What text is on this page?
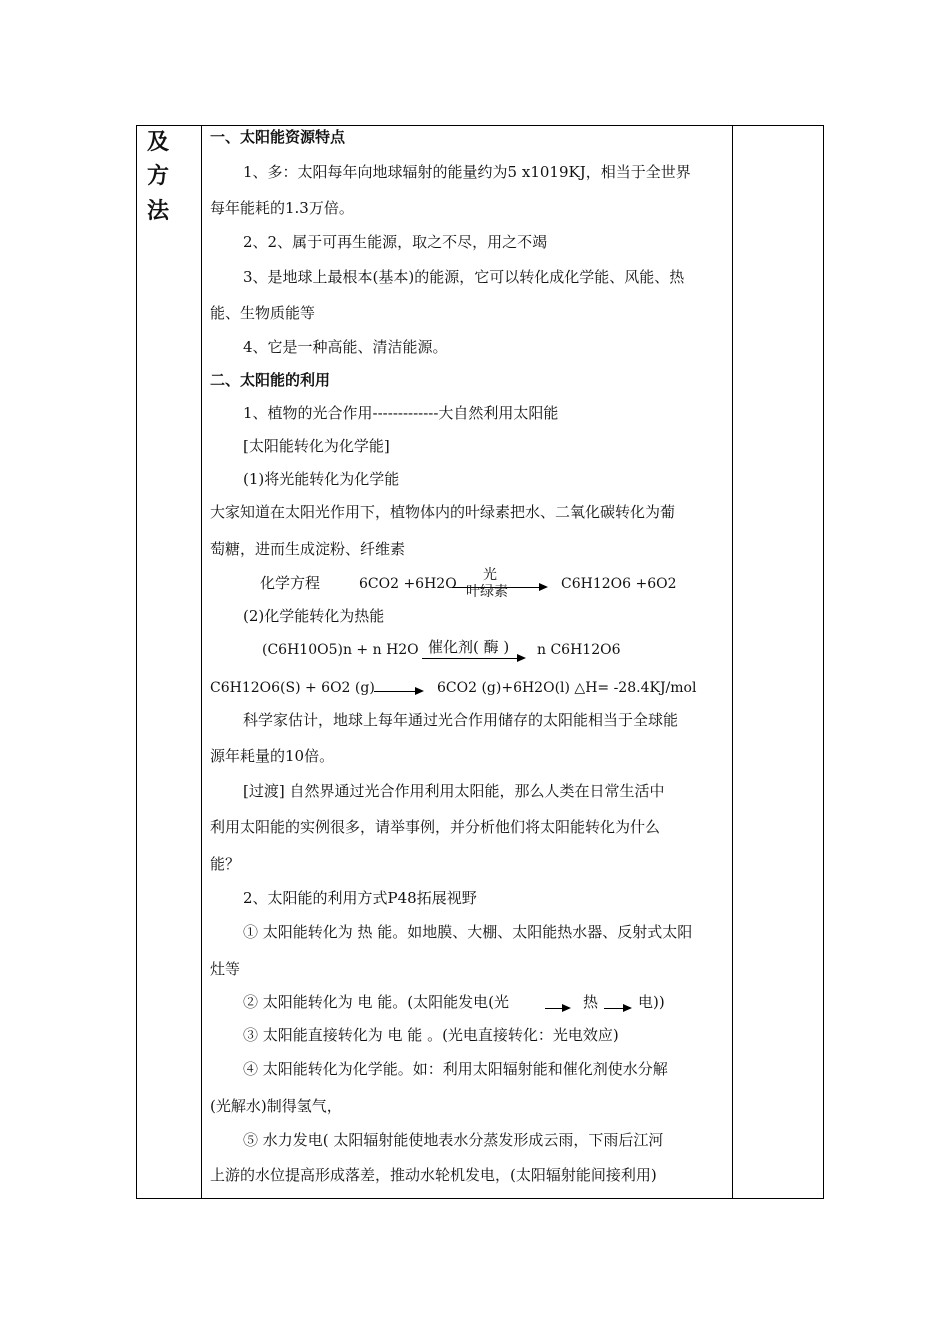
及
方
法
一、太阳能资源特点
1、多：太阳每年向地球辐射的能量约为5 x1019KJ，相当于全世界
每年能耗的1.3万倍。
2、2、属于可再生能源，取之不尽，用之不竭
3、是地球上最根本(基本)的能源，它可以转化成化学能、风能、热
能、生物质能等
4、它是一种高能、清洁能源。
二、太阳能的利用
1、植物的光合作用-------------大自然利用太阳能
[太阳能转化为化学能]
(1)将光能转化为化学能
大家知道在太阳光作用下，植物体内的叶绿素把水、二氧化碳转化为葡
萄糖，进而生成淀粉、纤维素
化学方程	6CO2 +6H2O
光
叶绿素	C6H12O6 +6O2
(2)化学能转化为热能
(C6H10O5)n + n H2O 催化剂( 酶 ) n C6H12O6
C6H12O6(S) + 6O2 (g)	6CO2 (g)+6H2O(l) △H= -28.4KJ/mol
科学家估计，地球上每年通过光合作用储存的太阳能相当于全球能
源年耗量的10倍。
[过渡] 自然界通过光合作用利用太阳能，那么人类在日常生活中
利用太阳能的实例很多，请举事例，并分析他们将太阳能转化为什么
能？
2、太阳能的利用方式P48拓展视野
① 太阳能转化为 热 能。如地膜、大棚、太阳能热水器、反射式太阳
灶等
② 太阳能转化为 电 能。(太阳能发电(光	热	电))
③ 太阳能直接转化为 电 能 。(光电直接转化：光电效应)
④ 太阳能转化为化学能。如：利用太阳辐射能和催化剂使水分解
(光解水)制得氢气，
⑤ 水力发电( 太阳辐射能使地表水分蒸发形成云雨，下雨后江河
上游的水位提高形成落差，推动水轮机发电，(太阳辐射能间接利用)
